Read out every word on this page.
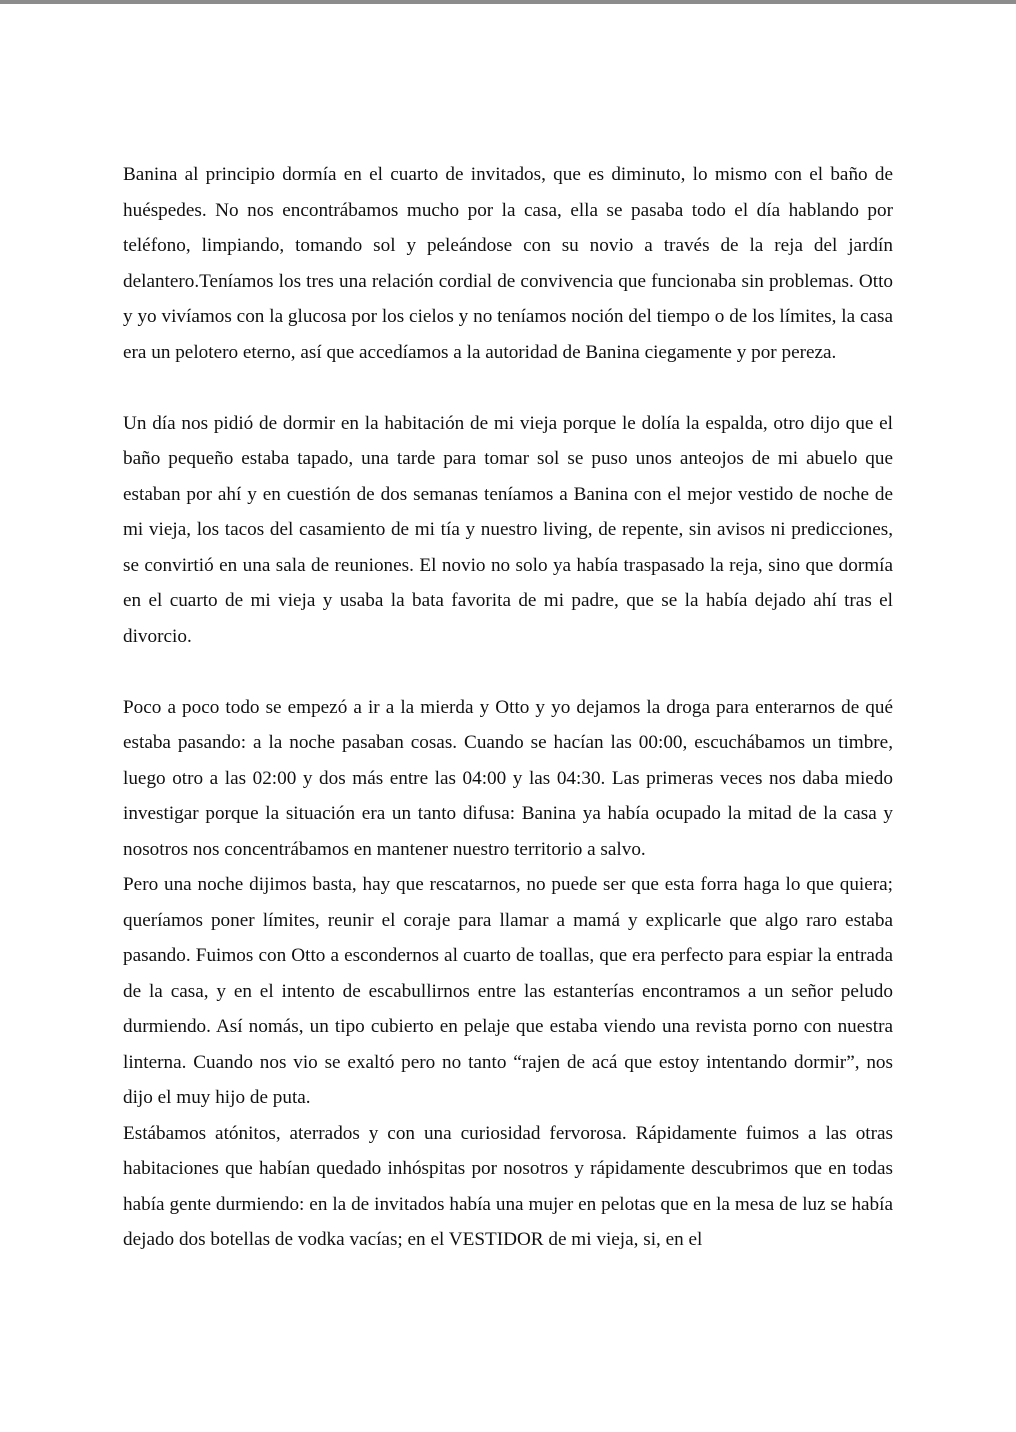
Banina al principio dormía en el cuarto de invitados, que es diminuto, lo mismo con el baño de huéspedes. No nos encontrábamos mucho por la casa, ella se pasaba todo el día hablando por teléfono, limpiando, tomando sol y peleándose con su novio a través de la reja del jardín delantero.Teníamos los tres una relación cordial de convivencia que funcionaba sin problemas. Otto y yo vivíamos con la glucosa por los cielos y no teníamos noción del tiempo o de los límites, la casa era un pelotero eterno, así que accedíamos a la autoridad de Banina ciegamente y por pereza.

Un día nos pidió de dormir en la habitación de mi vieja porque le dolía la espalda, otro dijo que el baño pequeño estaba tapado, una tarde para tomar sol se puso unos anteojos de mi abuelo que estaban por ahí y en cuestión de dos semanas teníamos a Banina con el mejor vestido de noche de mi vieja, los tacos del casamiento de mi tía y nuestro living, de repente, sin avisos ni predicciones, se convirtió en una sala de reuniones. El novio no solo ya había traspasado la reja, sino que dormía en el cuarto de mi vieja y usaba la bata favorita de mi padre, que se la había dejado ahí tras el divorcio.

Poco a poco todo se empezó a ir a la mierda y Otto y yo dejamos la droga para enterarnos de qué estaba pasando: a la noche pasaban cosas. Cuando se hacían las 00:00, escuchábamos un timbre, luego otro a las 02:00 y dos más entre las 04:00 y las 04:30. Las primeras veces nos daba miedo investigar porque la situación era un tanto difusa: Banina ya había ocupado la mitad de la casa y nosotros nos concentrábamos en mantener nuestro territorio a salvo.

Pero una noche dijimos basta, hay que rescatarnos, no puede ser que esta forra haga lo que quiera; queríamos poner límites, reunir el coraje para llamar a mamá y explicarle que algo raro estaba pasando. Fuimos con Otto a escondernos al cuarto de toallas, que era perfecto para espiar la entrada de la casa, y en el intento de escabullirnos entre las estanterías encontramos a un señor peludo durmiendo. Así nomás, un tipo cubierto en pelaje que estaba viendo una revista porno con nuestra linterna. Cuando nos vio se exaltó pero no tanto “rajen de acá que estoy intentando dormir”, nos dijo el muy hijo de puta.

Estábamos atónitos, aterrados y con una curiosidad fervorosa. Rápidamente fuimos a las otras habitaciones que habían quedado inhóspitas por nosotros y rápidamente descubrimos que en todas había gente durmiendo: en la de invitados había una mujer en pelotas que en la mesa de luz se había dejado dos botellas de vodka vacías; en el VESTIDOR de mi vieja, si, en el
